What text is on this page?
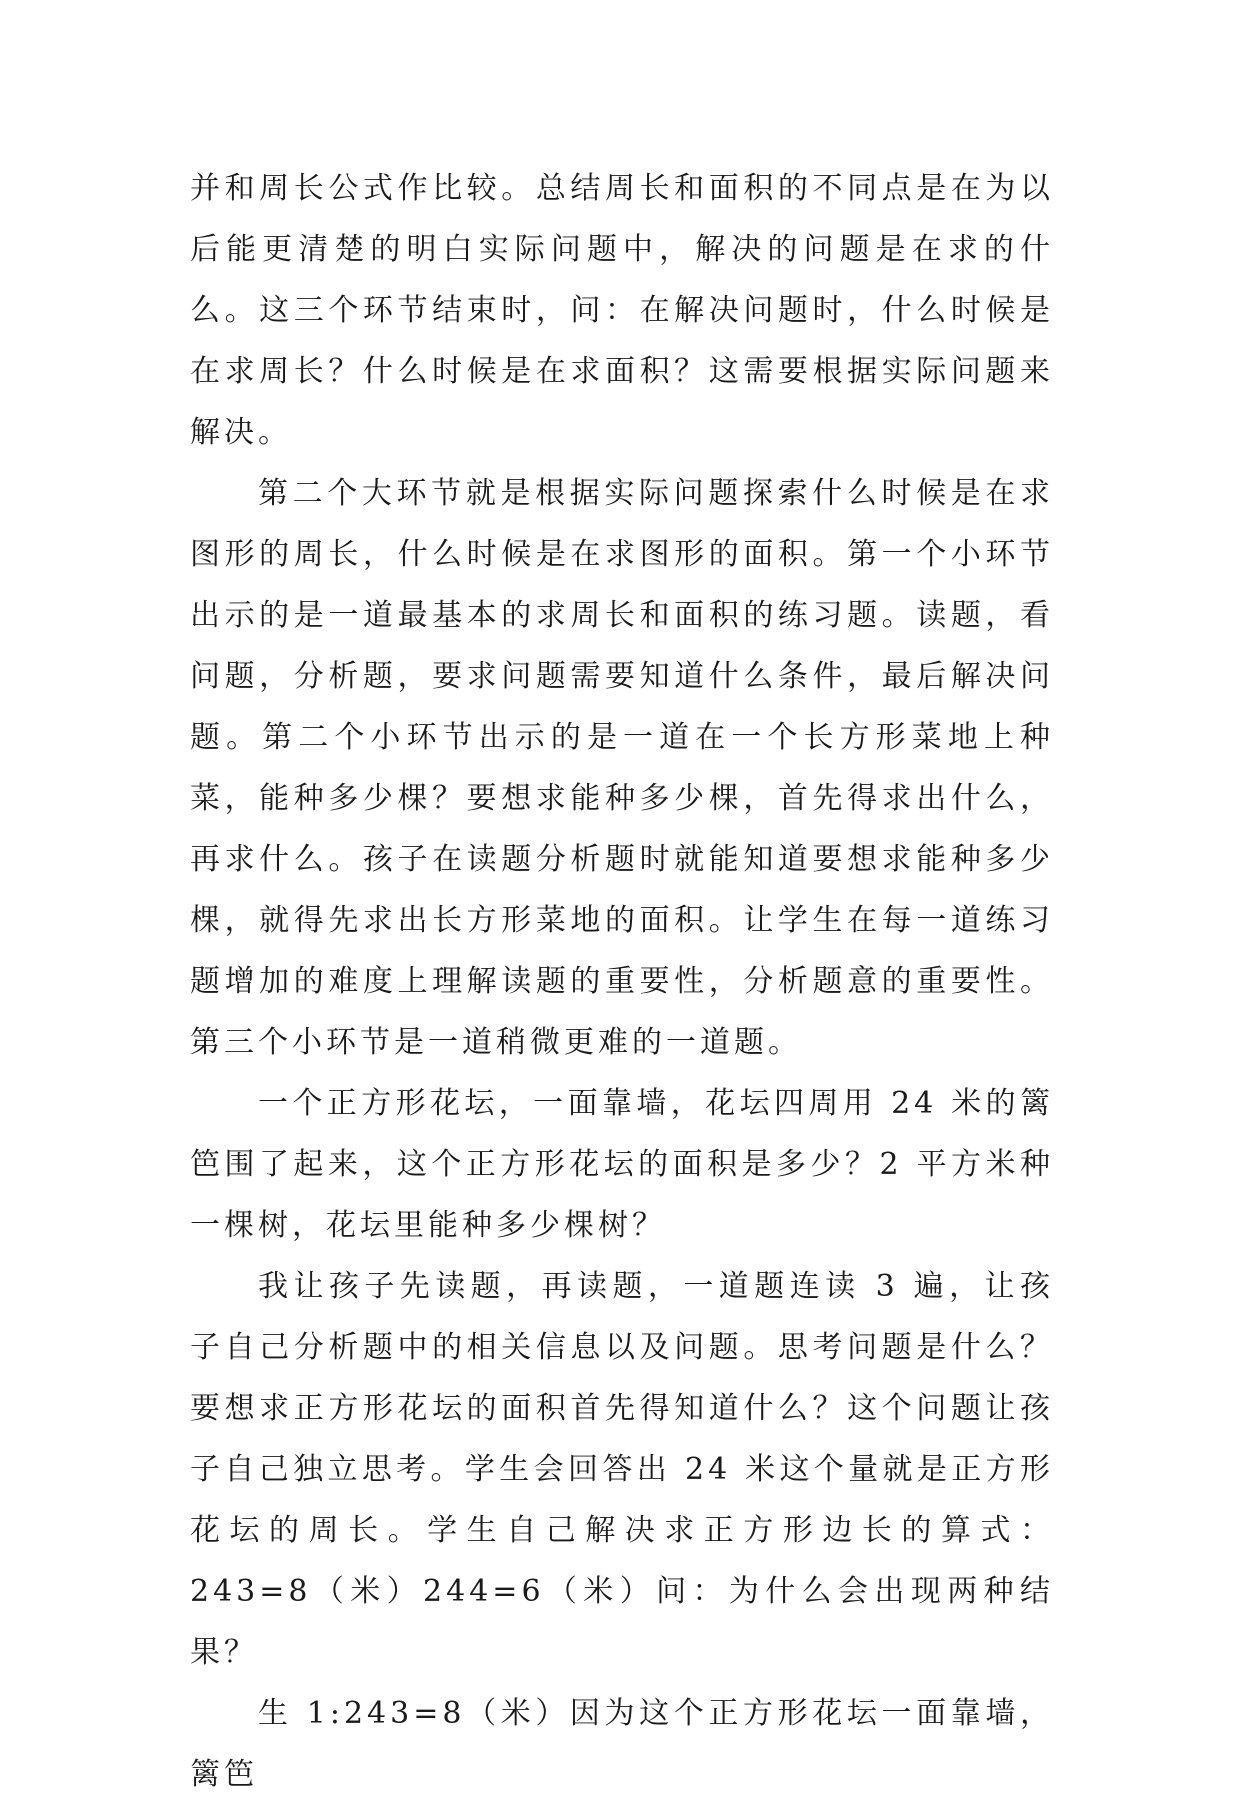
并和周长公式作比较。总结周长和面积的不同点是在为以后能更清楚的明白实际问题中，解决的问题是在求的什么。这三个环节结束时，问：在解决问题时，什么时候是在求周长？什么时候是在求面积？这需要根据实际问题来解决。

第二个大环节就是根据实际问题探索什么时候是在求图形的周长，什么时候是在求图形的面积。第一个小环节出示的是一道最基本的求周长和面积的练习题。读题，看问题，分析题，要求问题需要知道什么条件，最后解决问题。第二个小环节出示的是一道在一个长方形菜地上种菜，能种多少棵？要想求能种多少棵，首先得求出什么，再求什么。孩子在读题分析题时就能知道要想求能种多少棵，就得先求出长方形菜地的面积。让学生在每一道练习题增加的难度上理解读题的重要性，分析题意的重要性。第三个小环节是一道稍微更难的一道题。

一个正方形花坛，一面靠墙，花坛四周用 24 米的篱笆围了起来，这个正方形花坛的面积是多少？2 平方米种一棵树，花坛里能种多少棵树？

我让孩子先读题，再读题，一道题连读 3 遍，让孩子自己分析题中的相关信息以及问题。思考问题是什么？要想求正方形花坛的面积首先得知道什么？这个问题让孩子自己独立思考。学生会回答出 24 米这个量就是正方形花坛的周长。学生自己解决求正方形边长的算式：243=8（米）244=6（米）问：为什么会出现两种结果？

生 1:243=8（米）因为这个正方形花坛一面靠墙，篱笆
